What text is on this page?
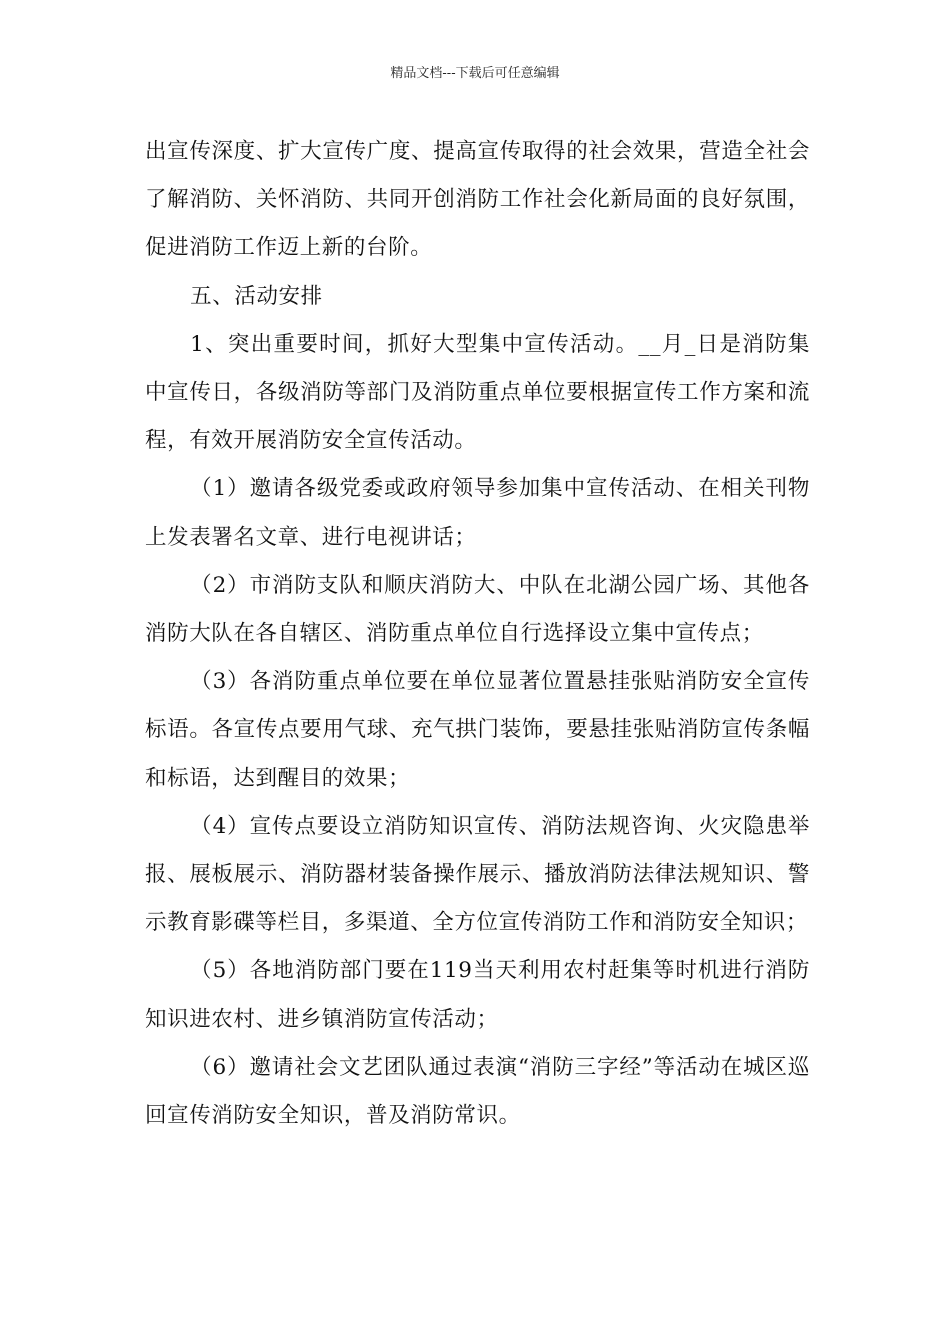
精品文档---下载后可任意编辑

出宣传深度、扩大宣传广度、提高宣传取得的社会效果，营造全社会了解消防、关怀消防、共同开创消防工作社会化新局面的良好氛围，促进消防工作迈上新的台阶。

五、活动安排

1、突出重要时间，抓好大型集中宣传活动。__月_日是消防集中宣传日，各级消防等部门及消防重点单位要根据宣传工作方案和流程，有效开展消防安全宣传活动。

（1）邀请各级党委或政府领导参加集中宣传活动、在相关刊物上发表署名文章、进行电视讲话；

（2）市消防支队和顺庆消防大、中队在北湖公园广场、其他各消防大队在各自辖区、消防重点单位自行选择设立集中宣传点；

（3）各消防重点单位要在单位显著位置悬挂张贴消防安全宣传标语。各宣传点要用气球、充气拱门装饰，要悬挂张贴消防宣传条幅和标语，达到醒目的效果；

（4）宣传点要设立消防知识宣传、消防法规咨询、火灾隐患举报、展板展示、消防器材装备操作展示、播放消防法律法规知识、警示教育影碟等栏目，多渠道、全方位宣传消防工作和消防安全知识；

（5）各地消防部门要在119当天利用农村赶集等时机进行消防知识进农村、进乡镇消防宣传活动；

（6）邀请社会文艺团队通过表演“消防三字经”等活动在城区巡回宣传消防安全知识，普及消防常识。
